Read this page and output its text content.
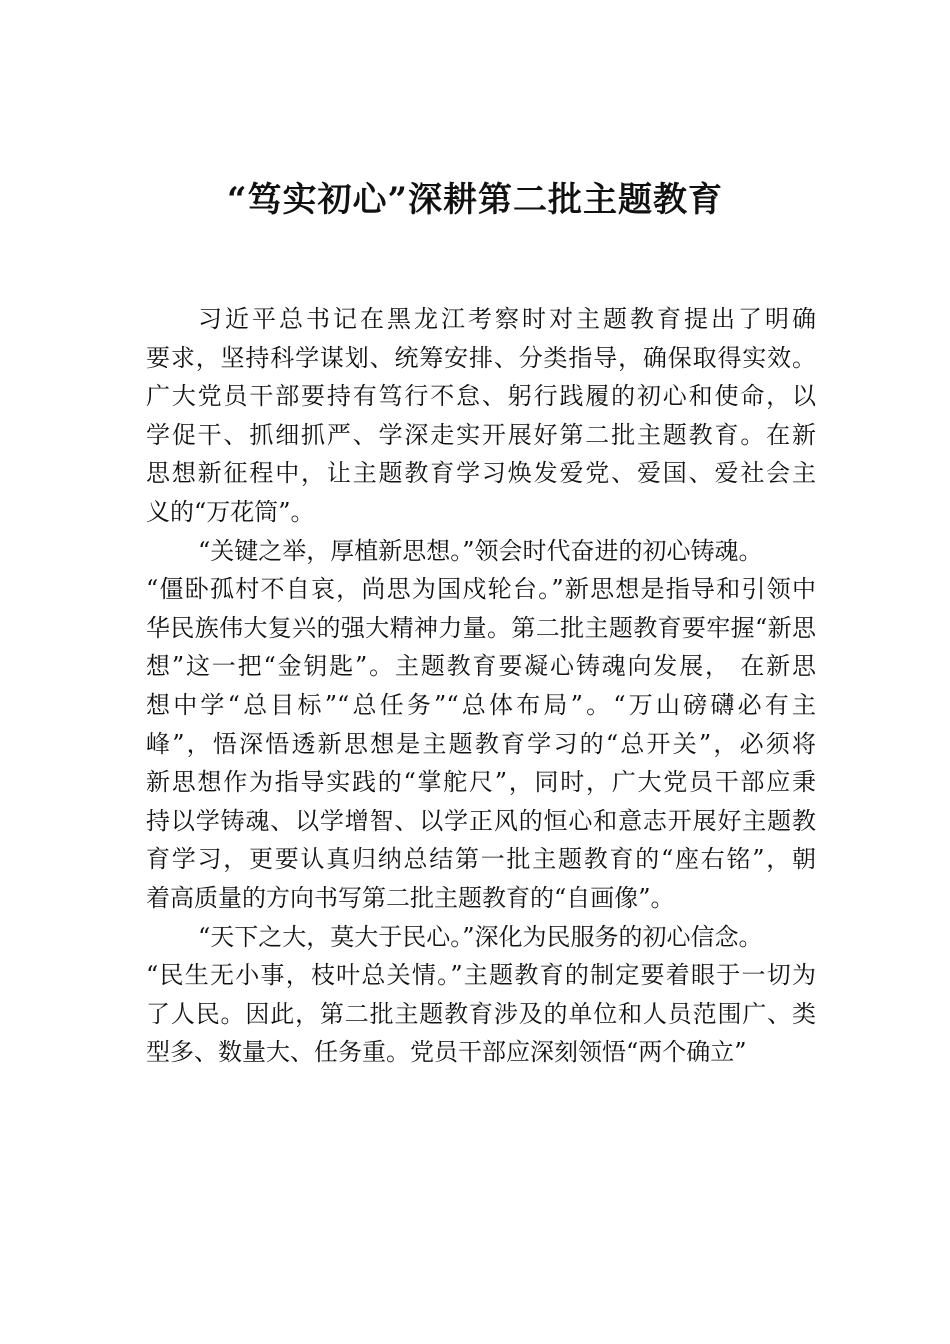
“笃实初心”深耕第二批主题教育
习近平总书记在黑龙江考察时对主题教育提出了明确
要求，坚持科学谋划、统筹安排、分类指导，确保取得实效。
广大党员干部要持有笃行不怠、躬行践履的初心和使命，以
学促干、抓细抓严、学深走实开展好第二批主题教育。在新
思想新征程中，让主题教育学习焕发爱党、爱国、爱社会主
义的“万花筒”。
“关键之举，厚植新思想。”领会时代奋进的初心铸魂。
“僵卧孤村不自哀，尚思为国戍轮台。”新思想是指导和引领中
华民族伟大复兴的强大精神力量。第二批主题教育要牢握“新思
想”这一把“金钥匙”。主题教育要凝心铸魂向发展， 在新思
想中学“总目标”“总任务”“总体布局”。“万山磅礴必有主
峰”，悟深悟透新思想是主题教育学习的“总开关”，必须将
新思想作为指导实践的“掌舵尺”，同时，广大党员干部应秉
持以学铸魂、以学增智、以学正风的恒心和意志开展好主题教
育学习，更要认真归纳总结第一批主题教育的“座右铭”，朝
着高质量的方向书写第二批主题教育的“自画像”。
“天下之大，莫大于民心。”深化为民服务的初心信念。
“民生无小事，枝叶总关情。”主题教育的制定要着眼于一切为
了人民。因此，第二批主题教育涉及的单位和人员范围广、类
型多、数量大、任务重。党员干部应深刻领悟“两个确立”
